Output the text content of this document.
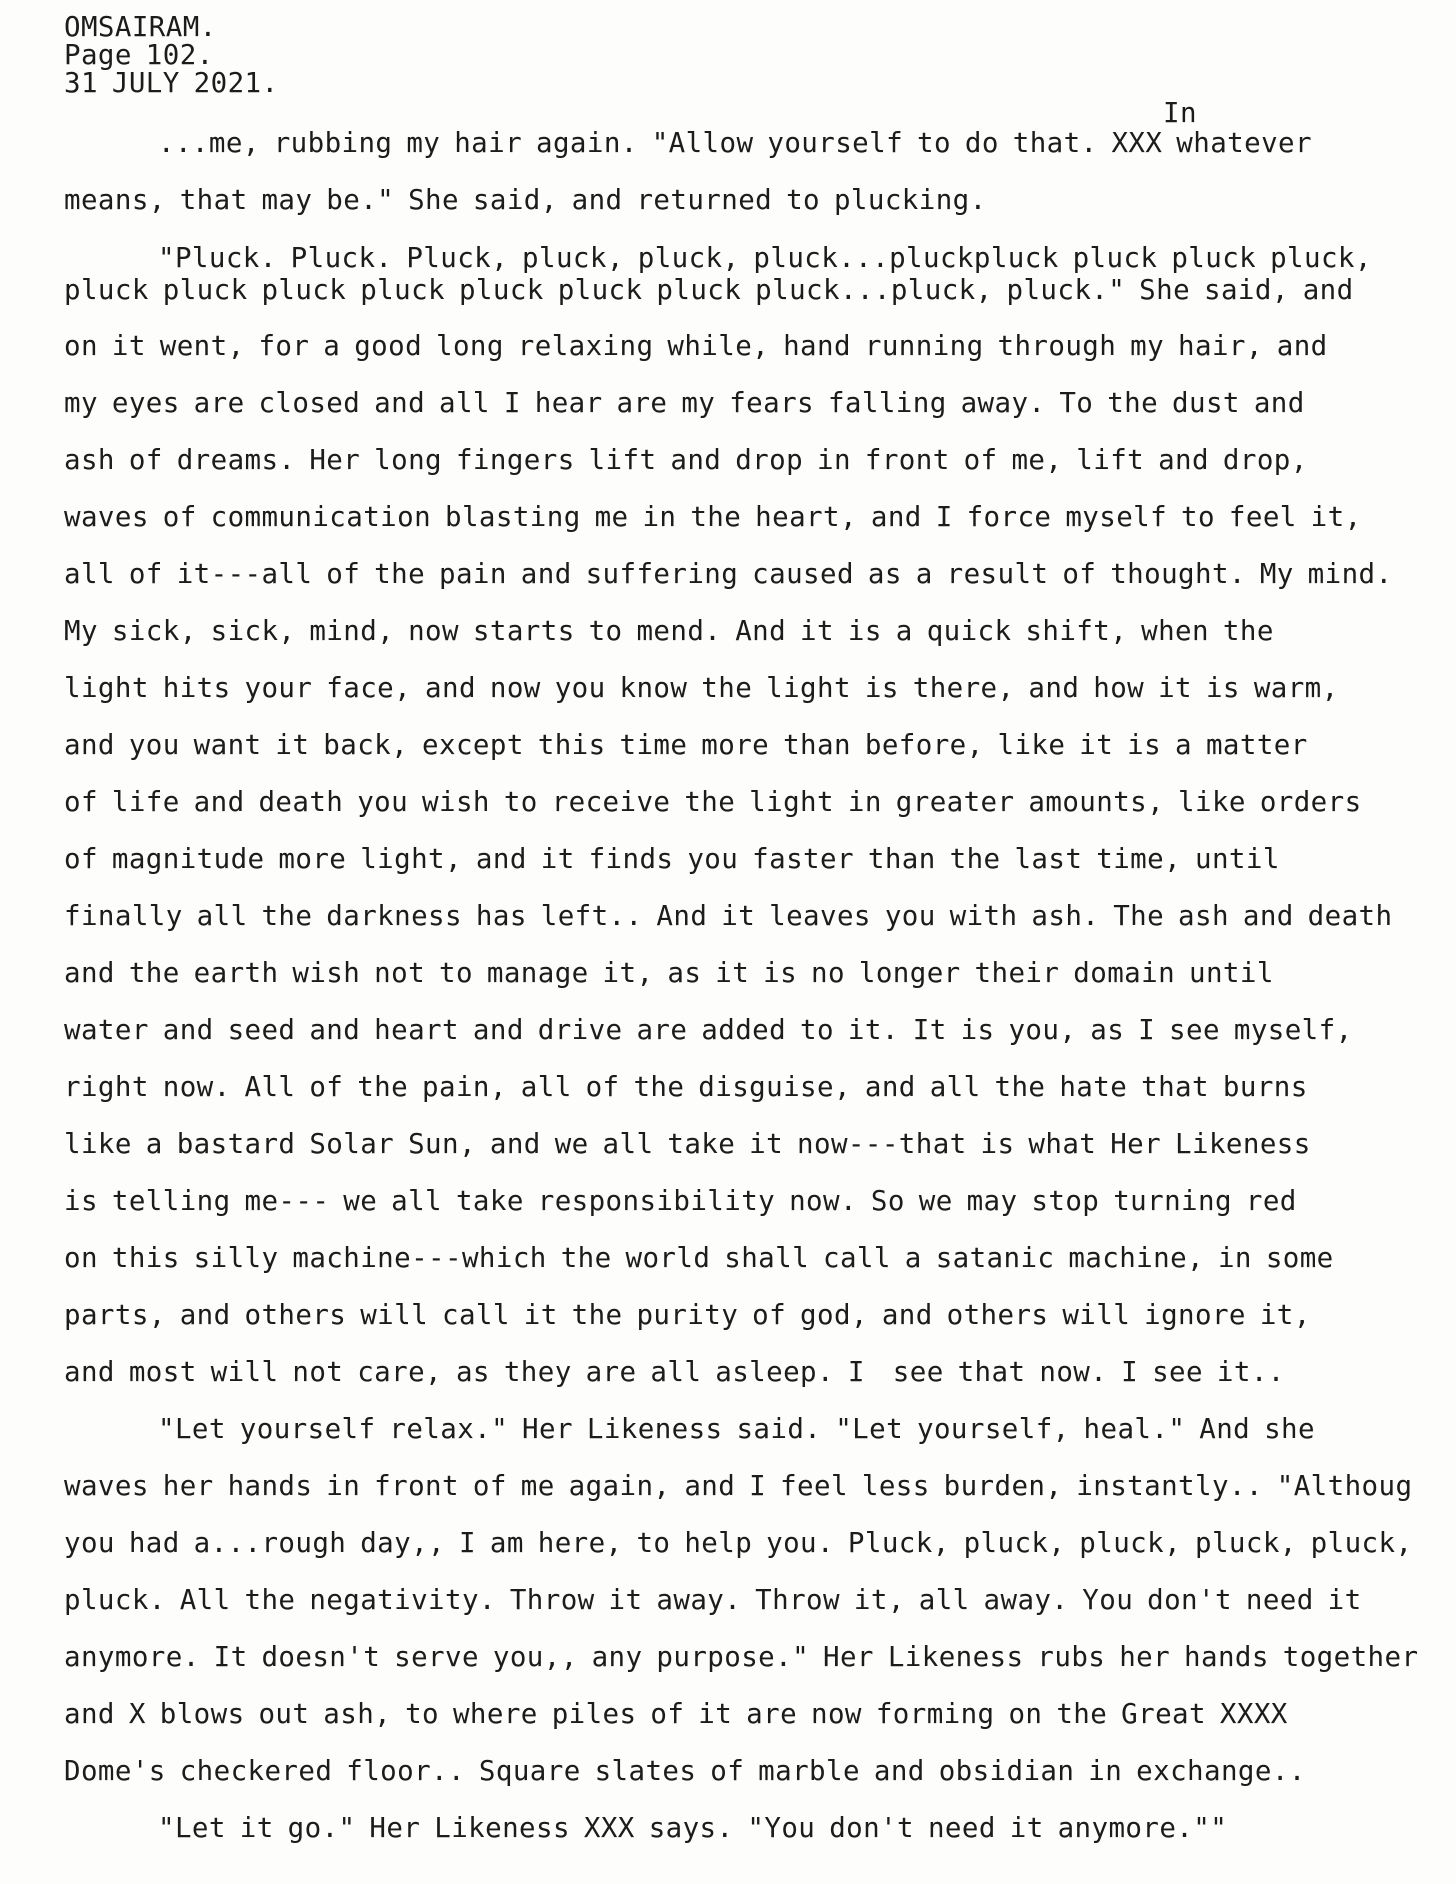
OMSAIRAM.

Page 102.

31 JULY 2021.

In

...me, rubbing my hair again. "Allow yourself to do that. XXX whatever

means, that may be." She said, and returned to plucking.

"Pluck. Pluck. Pluck, pluck, pluck, pluck...pluckpluck pluck pluck pluck,

pluck pluck pluck pluck pluck pluck pluck pluck...pluck, pluck." She said, and

on it went, for a good long relaxing while, hand running through my hair, and

my eyes are closed and all I hear are my fears falling away. To the dust and

ash of dreams. Her long fingers lift and drop in front of me, lift and drop,

waves of communication blasting me in the heart, and I force myself to feel it,

all of it---all of the pain and suffering caused as a result of thought. My mind.

My sick, sick, mind, now starts to mend. And it is a quick shift, when the

light hits your face, and now you know the light is there, and how it is warm,

and you want it back, except this time more than before, like it is a matter

of life and death you wish to receive the light in greater amounts, like orders

of magnitude more light, and it finds you faster than the last time, until

finally all the darkness has left.. And it leaves you with ash. The ash and death

and the earth wish not to manage it, as it is no longer their domain until

water and seed and heart and drive are added to it. It is you, as I see myself,

right now. All of the pain, all of the disguise, and all the hate that burns

like a bastard Solar Sun, and we all take it now---that is what Her Likeness

is telling me--- we all take responsibility now. So we may stop turning red

on this silly machine---which the world shall call a satanic machine, in some

parts, and others will call it the purity of god, and others will ignore it,

and most will not care, as they are all asleep. I  see that now. I see it..

"Let yourself relax." Her Likeness said. "Let yourself, heal." And she

waves her hands in front of me again, and I feel less burden, instantly.. "Althoug

you had a...rough day,, I am here, to help you. Pluck, pluck, pluck, pluck, pluck,

pluck. All the negativity. Throw it away. Throw it, all away. You don't need it

anymore. It doesn't serve you,, any purpose." Her Likeness rubs her hands together

and X blows out ash, to where piles of it are now forming on the Great XXXX

Dome's checkered floor.. Square slates of marble and obsidian in exchange..

"Let it go." Her Likeness XXX says. "You don't need it anymore.""
